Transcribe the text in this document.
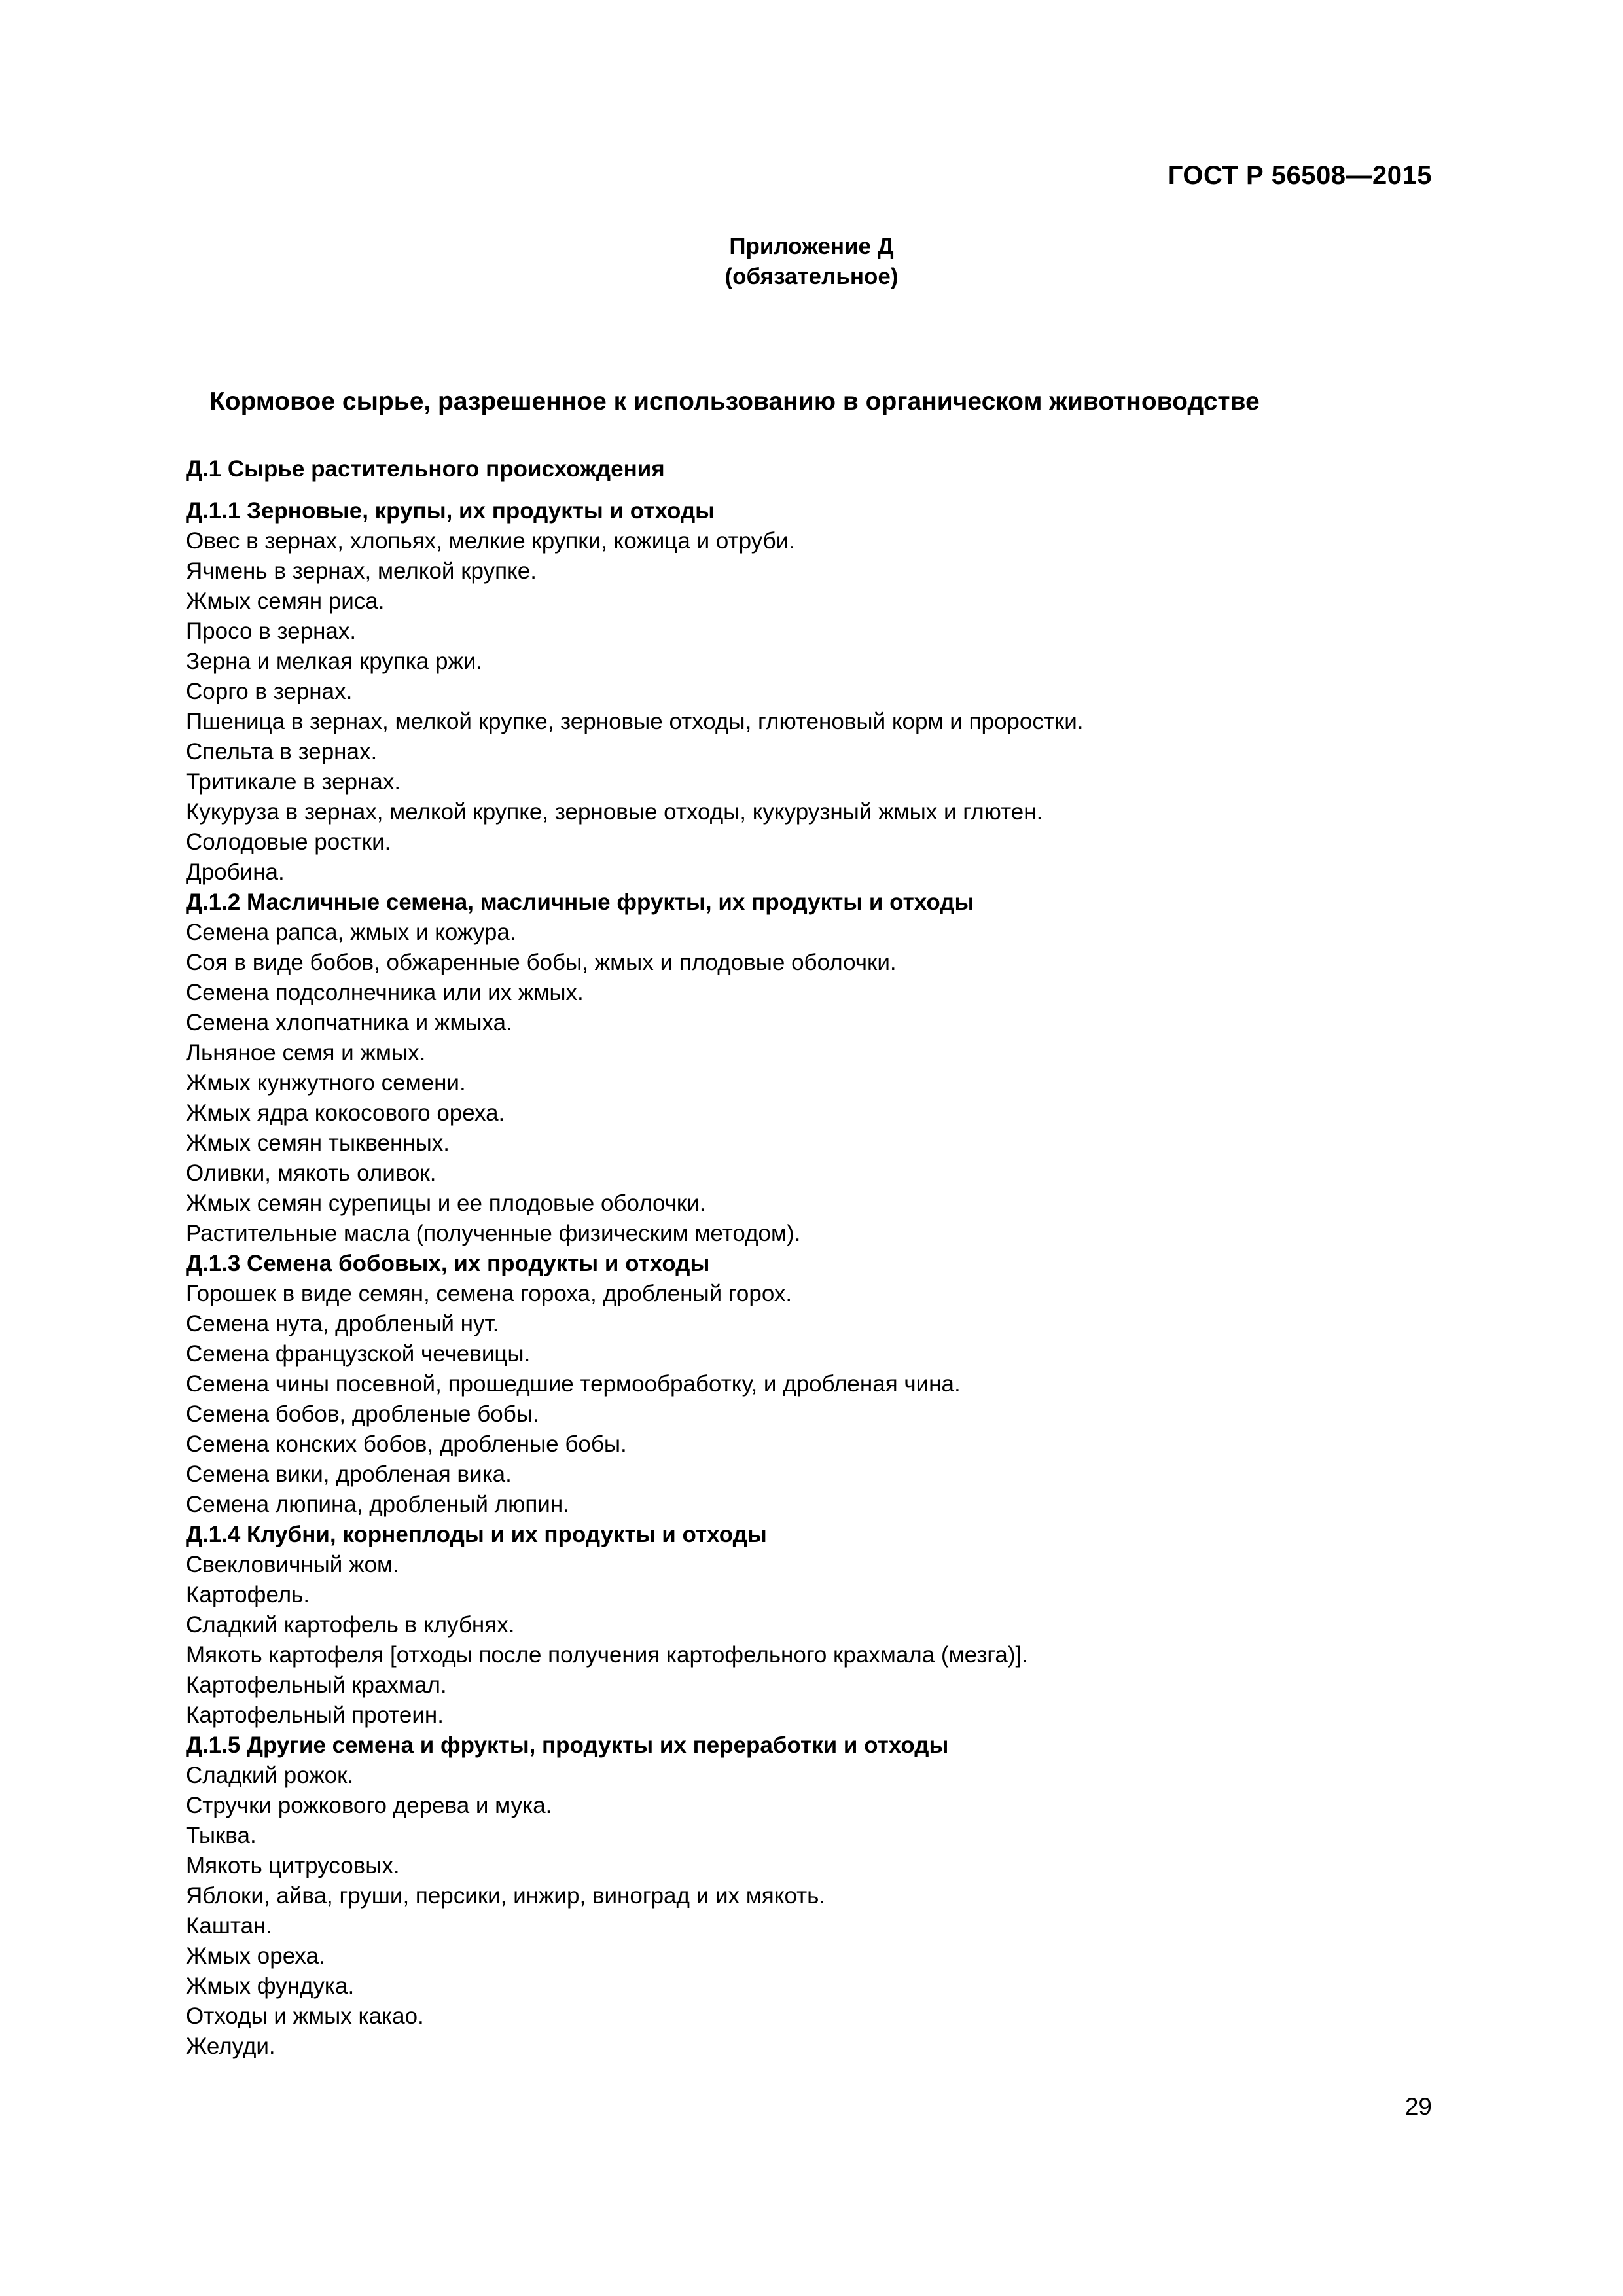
ГОСТ Р 56508—2015
Приложение Д
(обязательное)
Кормовое сырье, разрешенное к использованию в органическом животноводстве
Д.1 Сырье растительного происхождения
Д.1.1 Зерновые, крупы, их продукты и отходы
Овес в зернах, хлопьях, мелкие крупки, кожица и отруби.
Ячмень в зернах, мелкой крупке.
Жмых семян риса.
Просо в зернах.
Зерна и мелкая крупка ржи.
Сорго в зернах.
Пшеница в зернах, мелкой крупке, зерновые отходы, глютеновый корм и проростки.
Спельта в зернах.
Тритикале в зернах.
Кукуруза в зернах, мелкой крупке, зерновые отходы, кукурузный жмых и глютен.
Солодовые ростки.
Дробина.
Д.1.2 Масличные семена, масличные фрукты, их продукты и отходы
Семена рапса, жмых и кожура.
Соя в виде бобов, обжаренные бобы, жмых и плодовые оболочки.
Семена подсолнечника или их жмых.
Семена хлопчатника и жмыха.
Льняное семя и жмых.
Жмых кунжутного семени.
Жмых ядра кокосового ореха.
Жмых семян тыквенных.
Оливки, мякоть оливок.
Жмых семян сурепицы и ее плодовые оболочки.
Растительные масла (полученные физическим методом).
Д.1.3 Семена бобовых, их продукты и отходы
Горошек в виде семян, семена гороха, дробленый горох.
Семена нута, дробленый нут.
Семена французской чечевицы.
Семена чины посевной, прошедшие термообработку, и дробленая чина.
Семена бобов, дробленые бобы.
Семена конских бобов, дробленые бобы.
Семена вики, дробленая вика.
Семена люпина, дробленый люпин.
Д.1.4 Клубни, корнеплоды и их продукты и отходы
Свекловичный жом.
Картофель.
Сладкий картофель в клубнях.
Мякоть картофеля [отходы после получения картофельного крахмала (мезга)].
Картофельный крахмал.
Картофельный протеин.
Д.1.5 Другие семена и фрукты, продукты их переработки и отходы
Сладкий рожок.
Стручки рожкового дерева и мука.
Тыква.
Мякоть цитрусовых.
Яблоки, айва, груши, персики, инжир, виноград и их мякоть.
Каштан.
Жмых ореха.
Жмых фундука.
Отходы и жмых какао.
Желуди.
29
